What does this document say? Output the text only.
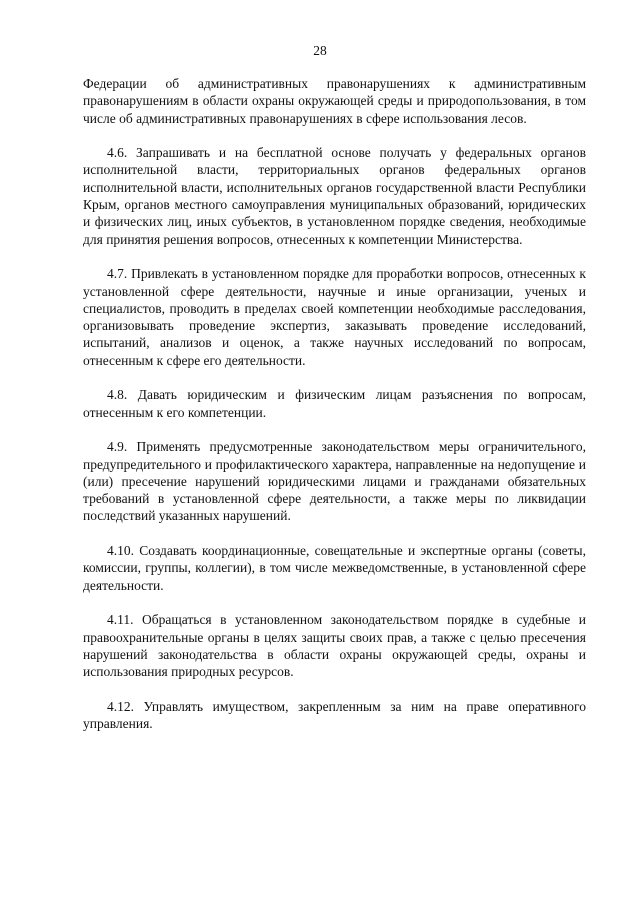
28

Федерации об административных правонарушениях к административным правонарушениям в области охраны окружающей среды и природопользования, в том числе об административных правонарушениях в сфере использования лесов.

4.6. Запрашивать и на бесплатной основе получать у федеральных органов исполнительной власти, территориальных органов федеральных органов исполнительной власти, исполнительных органов государственной власти Республики Крым, органов местного самоуправления муниципальных образований, юридических и физических лиц, иных субъектов, в установленном порядке сведения, необходимые для принятия решения вопросов, отнесенных к компетенции Министерства.

4.7. Привлекать в установленном порядке для проработки вопросов, отнесенных к установленной сфере деятельности, научные и иные организации, ученых и специалистов, проводить в пределах своей компетенции необходимые расследования, организовывать проведение экспертиз, заказывать проведение исследований, испытаний, анализов и оценок, а также научных исследований по вопросам, отнесенным к сфере его деятельности.

4.8. Давать юридическим и физическим лицам разъяснения по вопросам, отнесенным к его компетенции.

4.9. Применять предусмотренные законодательством меры ограничительного, предупредительного и профилактического характера, направленные на недопущение и (или) пресечение нарушений юридическими лицами и гражданами обязательных требований в установленной сфере деятельности, а также меры по ликвидации последствий указанных нарушений.

4.10. Создавать координационные, совещательные и экспертные органы (советы, комиссии, группы, коллегии), в том числе межведомственные, в установленной сфере деятельности.

4.11. Обращаться в установленном законодательством порядке в судебные и правоохранительные органы в целях защиты своих прав, а также с целью пресечения нарушений законодательства в области охраны окружающей среды, охраны и использования природных ресурсов.

4.12. Управлять имуществом, закрепленным за ним на праве оперативного управления.
